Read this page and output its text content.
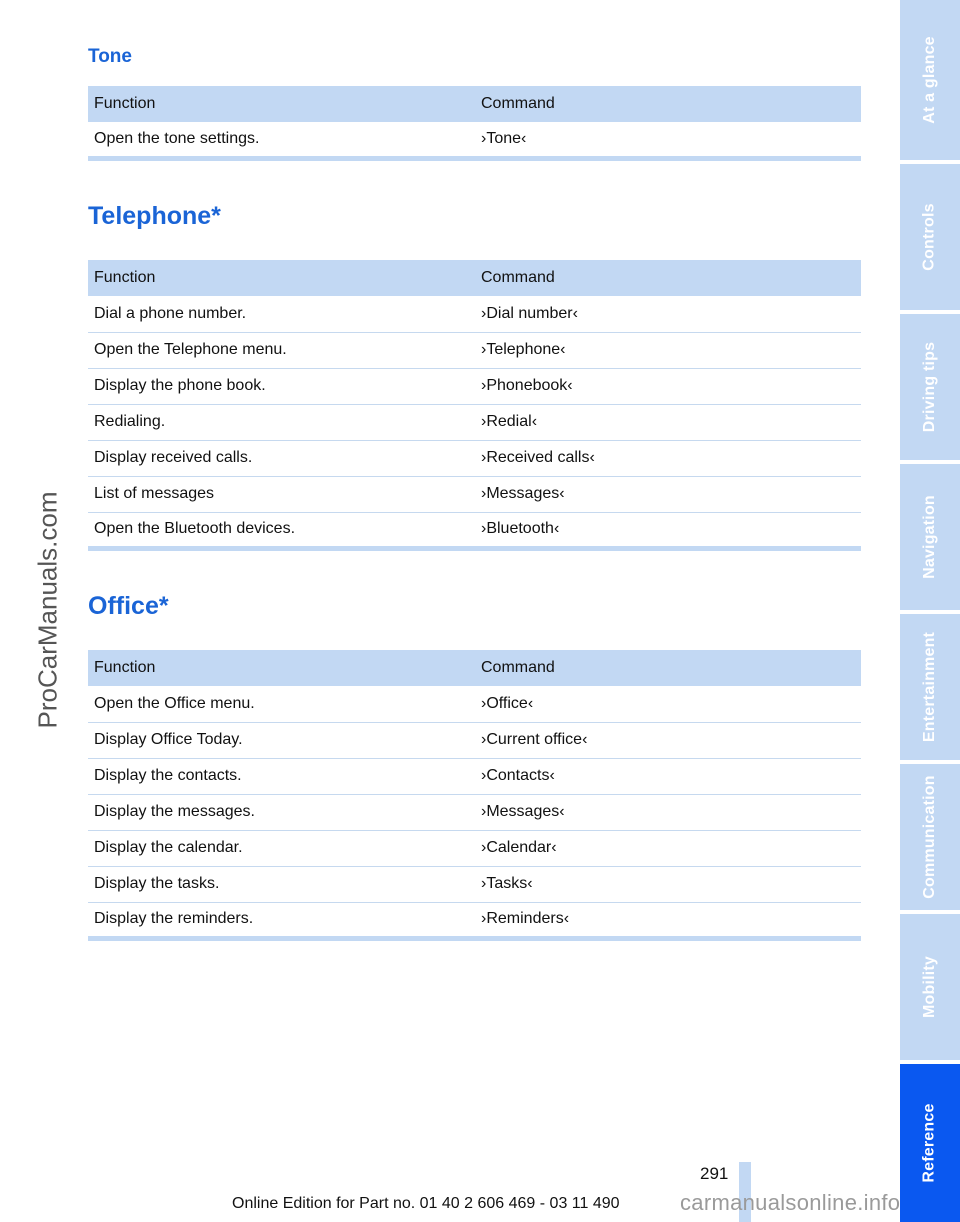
Tone
Function	Command
Open the tone settings.	›Tone‹
Telephone*
Function	Command
Dial a phone number.	›Dial number‹
Open the Telephone menu.	›Telephone‹
Display the phone book.	›Phonebook‹
Redialing.	›Redial‹
Display received calls.	›Received calls‹
List of messages	›Messages‹
Open the Bluetooth devices.	›Bluetooth‹
Office*
Function	Command
Open the Office menu.	›Office‹
Display Office Today.	›Current office‹
Display the contacts.	›Contacts‹
Display the messages.	›Messages‹
Display the calendar.	›Calendar‹
Display the tasks.	›Tasks‹
Display the reminders.	›Reminders‹
At a glance
Controls
Driving tips
Navigation
Entertainment
Communication
Mobility
Reference
ProCarManuals.com
291
Online Edition for Part no. 01 40 2 606 469 - 03 11 490	carmanualsonline.info
